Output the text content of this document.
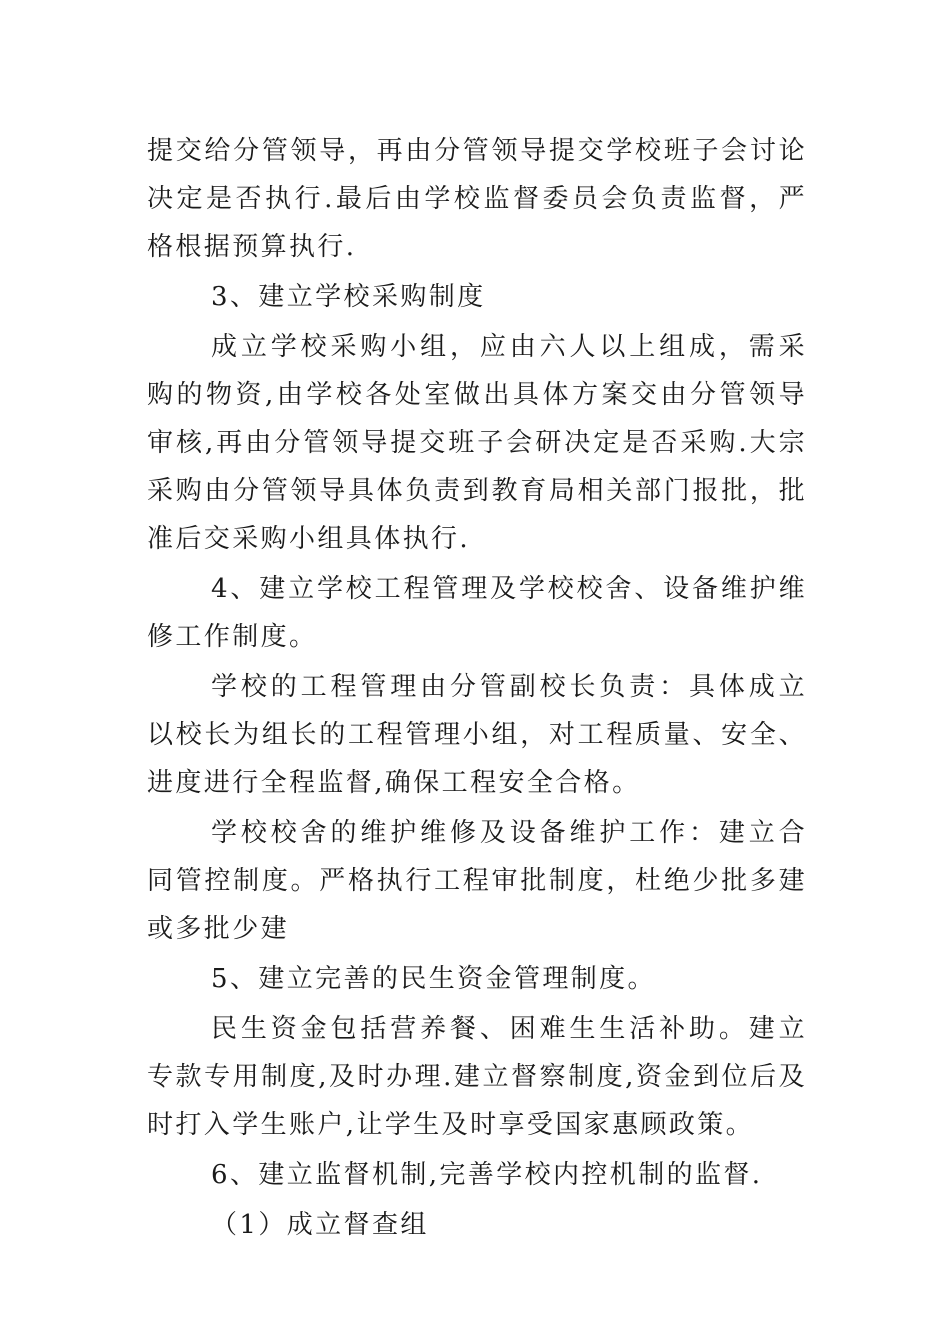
提交给分管领导，再由分管领导提交学校班子会讨论决定是否执行.最后由学校监督委员会负责监督，严格根据预算执行.

3、建立学校采购制度

成立学校采购小组，应由六人以上组成，需采购的物资,由学校各处室做出具体方案交由分管领导审核,再由分管领导提交班子会研决定是否采购.大宗采购由分管领导具体负责到教育局相关部门报批，批准后交采购小组具体执行.

4、建立学校工程管理及学校校舍、设备维护维修工作制度。

学校的工程管理由分管副校长负责：具体成立以校长为组长的工程管理小组，对工程质量、安全、进度进行全程监督,确保工程安全合格。

学校校舍的维护维修及设备维护工作：建立合同管控制度。严格执行工程审批制度，杜绝少批多建或多批少建

5、建立完善的民生资金管理制度。

民生资金包括营养餐、困难生生活补助。建立专款专用制度,及时办理.建立督察制度,资金到位后及时打入学生账户,让学生及时享受国家惠顾政策。

6、建立监督机制,完善学校内控机制的监督.

（1）成立督查组
